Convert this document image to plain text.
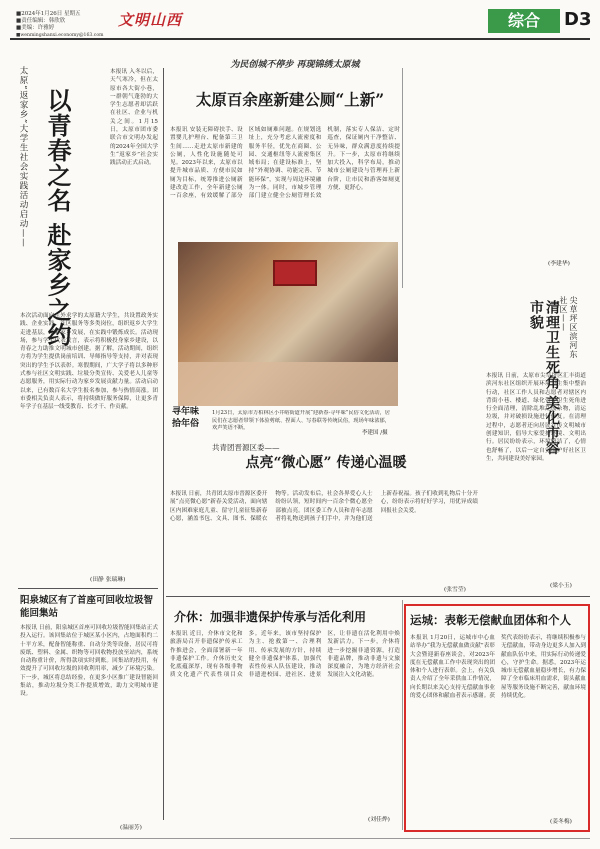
■2024年1月26日 星期五
■责任编辑：韩欣欣
■美编：许雅婷
■wenmingshanxi.economy@163.com
文明山西	综合	D3
为民创城不停步 再现锦绣太原城
太原“返家乡”大学生社会实践活动启动—— 以青春之名 赴家乡之约
本报讯 入冬以后，天气寒冷，但在太原市各大街小巷，一群朝气蓬勃的大学生志愿者却活跃在社区、企业与机关之间。1月15日，太原市团市委联合市文明办发起的2024年全国大学生“返家乡”社会实践活动正式启动。
本次活动面向在外求学的太原籍大学生，共设置政务实践、企业实践、社区服务等多类岗位，组织返乡大学生走进基层，了解家乡发展，在实践中锻炼成长。活动现场，参与学生代表发言，表示将积极投身家乡建设，以青春之力助推文明城市创建。据了解，活动期间，组织方将为学生提供岗前培训、导师指导等支持，并对表现突出的学生予以表彰。寒假期间，广大学子将以多种形式参与社区文明实践、垃圾分类宣传、关爱老人儿童等志愿服务，用实际行动为家乡发展贡献力量。活动启动以来，已有数百名大学生报名参加，参与热情高涨。团市委相关负责人表示，将持续做好服务保障，让更多青年学子在基层一线受教育、长才干、作贡献。
(田静 张瑞琳)
阳泉城区有了首座可回收垃圾智能回集站
本报讯 日前，阳泉城区首座可回收垃圾智能回集站正式投入运行。该回集站位于城区某小区内，占地面积约二十平方米，配备智能称重、自动分类等设备，居民可将废纸、塑料、金属、织物等可回收物投放至站内，系统自动称重计价，所得款项实时到账。回集站的投用，有效提升了可回收垃圾的回收利用率，减少了环境污染。下一步，城区将总结经验，在更多小区推广建设智能回集站，推动垃圾分类工作提质增效，助力文明城市建设。
(温丽芳)
太原百余座新建公厕“上新”
本报讯 安装无障碍扶手、设置婴儿护理台、配备第三卫生间……走进太原市新建的公厕，人性化设施随处可见。2023年以来，太原市以提升城市品质、方便市民如厕为目标，统筹推进公厕新建改造工作，全年新建公厕一百余座，有效缓解了部分区域如厕难问题。在规划选址上，充分考虑人流密度和服务半径，优先在商圈、公园、交通枢纽等人流密集区域布局；在建设标准上，坚持“外观协调、功能完善、节能环保”，实现与周边环境融为一体。同时，市城乡管理部门建立健全公厕管理长效机制，落实专人保洁、定时巡查，保证厕内干净整洁、无异味，群众满意度持续提升。下一步，太原市将继续加大投入，科学布局，推动城市公厕建设与管理再上新台阶，让市民和游客如厕更方便、更舒心。
(李建华)
寻年味 拾年俗
1月23日，太原市万柏林区小井峪街道开展“迎新春·寻年味”民俗文化活动，居民们在志愿者带领下体验剪纸、捏面人、写春联等传统民俗，现场年味浓郁，欢声笑语不断。
李建国 /摄
共青团晋源区委——
点亮“微心愿” 传递心温暖
本报讯 日前，共青团太原市晋源区委开展“点亮微心愿”新春关爱活动，面向辖区内困难家庭儿童、留守儿童征集新春心愿，涵盖书包、文具、图书、保暖衣物等。活动发布后，社会各界爱心人士纷纷认领，短时间内一百余个微心愿全部被点亮。团区委工作人员和青年志愿者将礼物送到孩子们手中，并为他们送上新春祝福。孩子们收到礼物后十分开心，纷纷表示将好好学习，用优异成绩回报社会关爱。
(张雪莹)
尖草坪区滨河东社区——
清理卫生死角 美化市容市貌
本报讯 日前，太原市尖草坪区汇丰街道滨河东社区组织开展环境卫生集中整治行动，社区工作人员和志愿者对辖区内背街小巷、楼道、绿化带等卫生死角进行全面清理，清除乱堆乱放杂物，清运垃圾，并对破损设施进行修复。在清理过程中，志愿者还向居民宣传文明城市创建知识，倡导大家爱护环境、文明出行。居民纷纷表示，环境整洁了，心情也舒畅了，以后一定自觉维护好社区卫生，共同建设美好家园。
(梁小玉)
介休：加强非遗保护传承与活化利用
本报讯 近日，介休市文化和旅游局召开非遗保护传承工作推进会，全面部署新一年非遗保护工作。介休历史文化底蕴深厚，现有各级非物质文化遗产代表性项目众多。近年来，该市坚持保护为主、抢救第一、合理利用、传承发展的方针，持续健全非遗保护体系，加强代表性传承人队伍建设，推动非遗进校园、进社区、进景区，让非遗在活化利用中焕发新活力。下一步，介休将进一步挖掘非遗资源，打造非遗品牌，推动非遗与文旅深度融合，为地方经济社会发展注入文化动能。
(刘佳烨)
运城：表彰无偿献血团体和个人
本报讯 1月20日，运城市中心血站举办“我为无偿献血做贡献”表彰大会暨迎新春座谈会，对2023年度在无偿献血工作中表现突出的团体和个人进行表彰。会上，有关负责人介绍了全年采供血工作情况，向长期以来关心支持无偿献血事业的爱心团体和献血者表示感谢。获奖代表纷纷表示，将继续积极参与无偿献血，带动身边更多人加入到献血队伍中来，用实际行动传递爱心，守护生命。据悉，2023年运城市无偿献血量稳步增长，有力保障了全市临床用血需求，街头献血屋等服务设施不断完善，献血环境持续优化。
(姜冬梅)
